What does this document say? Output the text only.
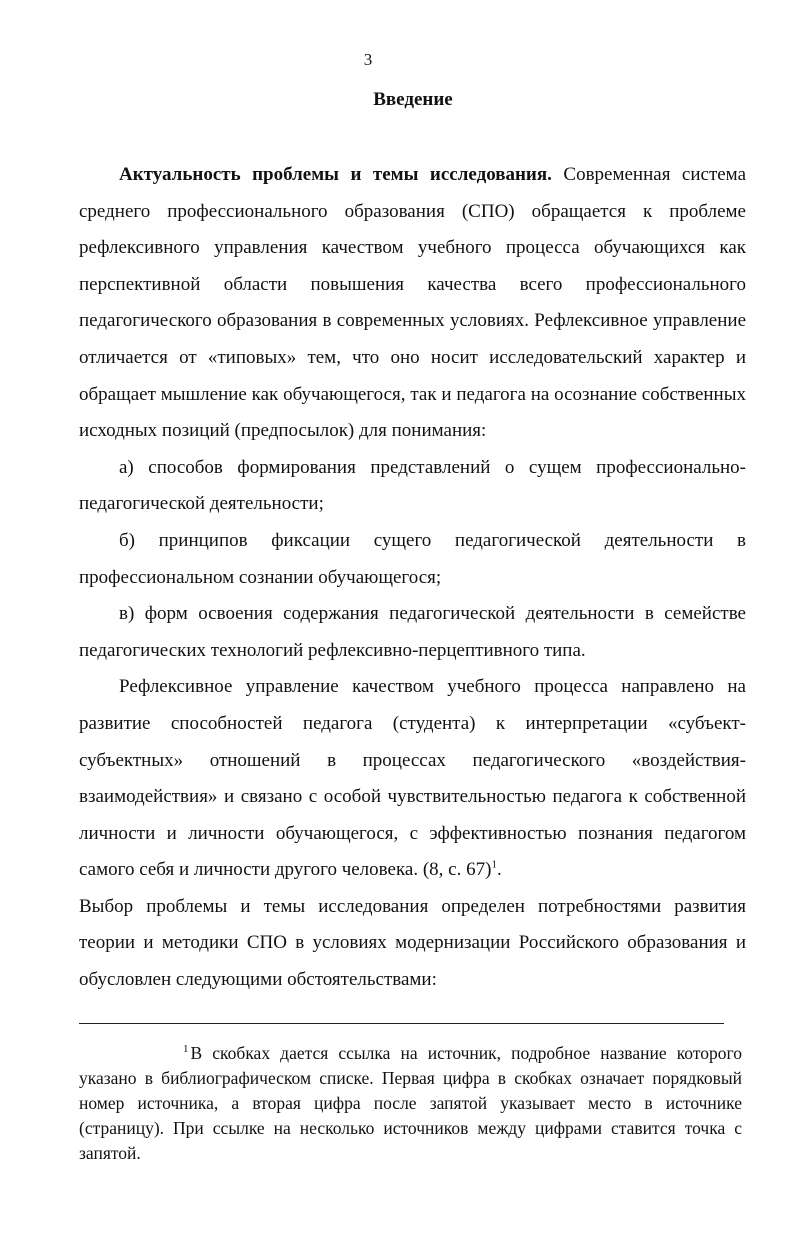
3
Введение

Актуальность проблемы и темы исследования. Современная система среднего профессионального образования (СПО) обращается к проблеме рефлексивного управления качеством учебного процесса обучающихся как перспективной области повышения качества всего профессионального педагогического образования в современных условиях. Рефлексивное управление отличается от «типовых» тем, что оно носит исследовательский характер и обращает мышление как обучающегося, так и педагога на осознание собственных исходных позиций (предпосылок) для понимания:

а) способов формирования представлений о сущем профессионально-педагогической деятельности;

б) принципов фиксации сущего педагогической деятельности в профессиональном сознании обучающегося;

в) форм освоения содержания педагогической деятельности в семействе педагогических технологий рефлексивно-перцептивного типа.

Рефлексивное управление качеством учебного процесса направлено на развитие способностей педагога (студента) к интерпретации «субъект-субъектных» отношений в процессах педагогического «воздействия-взаимодействия» и связано с особой чувствительностью педагога к собственной личности и личности обучающегося, с эффективностью познания педагогом самого себя и личности другого человека. (8, с. 67)$^1$.

Выбор проблемы и темы исследования определен потребностями развития теории и методики СПО в условиях модернизации Российского образования и обусловлен следующими обстоятельствами:

$^1$ В скобках дается ссылка на источник, подробное название которого указано в библиографическом списке. Первая цифра в скобках означает порядковый номер источника, а вторая цифра после запятой указывает место в источнике (страницу). При ссылке на несколько источников между цифрами ставится точка с запятой.
